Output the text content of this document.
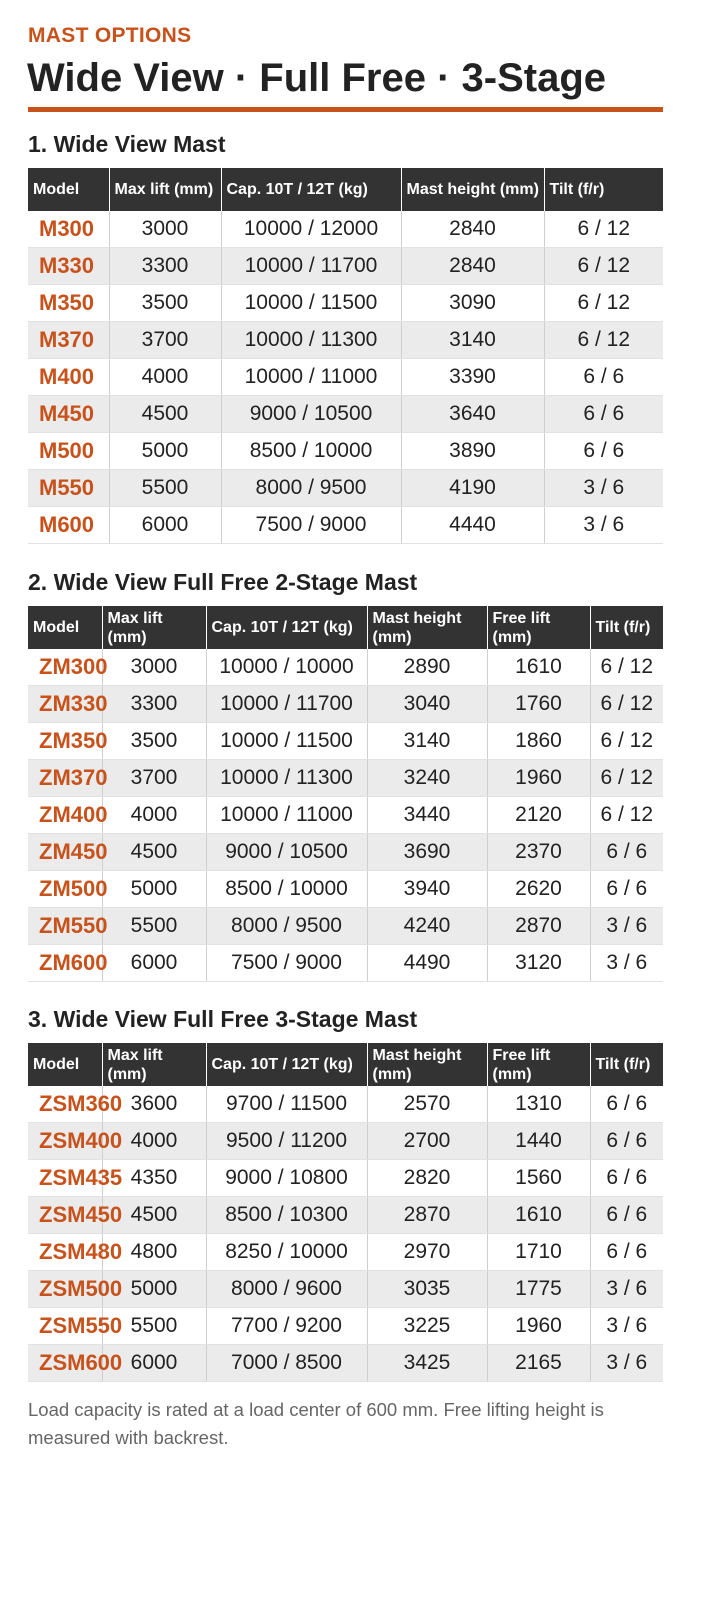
MAST OPTIONS
Wide View · Full Free · 3-Stage
1. Wide View Mast
Model	Max lift (mm)	Cap. 10T / 12T (kg)	Mast height (mm)	Tilt (f/r)
M300	3000	10000 / 12000	2840	6 / 12
M330	3300	10000 / 11700	2840	6 / 12
M350	3500	10000 / 11500	3090	6 / 12
M370	3700	10000 / 11300	3140	6 / 12
M400	4000	10000 / 11000	3390	6 / 6
M450	4500	9000 / 10500	3640	6 / 6
M500	5000	8500 / 10000	3890	6 / 6
M550	5500	8000 / 9500	4190	3 / 6
M600	6000	7500 / 9000	4440	3 / 6
2. Wide View Full Free 2-Stage Mast
Model	Max lift (mm)	Cap. 10T / 12T (kg)	Mast height (mm)	Free lift (mm)	Tilt (f/r)
ZM300	3000	10000 / 10000	2890	1610	6 / 12
ZM330	3300	10000 / 11700	3040	1760	6 / 12
ZM350	3500	10000 / 11500	3140	1860	6 / 12
ZM370	3700	10000 / 11300	3240	1960	6 / 12
ZM400	4000	10000 / 11000	3440	2120	6 / 12
ZM450	4500	9000 / 10500	3690	2370	6 / 6
ZM500	5000	8500 / 10000	3940	2620	6 / 6
ZM550	5500	8000 / 9500	4240	2870	3 / 6
ZM600	6000	7500 / 9000	4490	3120	3 / 6
3. Wide View Full Free 3-Stage Mast
Model	Max lift (mm)	Cap. 10T / 12T (kg)	Mast height (mm)	Free lift (mm)	Tilt (f/r)
ZSM360	3600	9700 / 11500	2570	1310	6 / 6
ZSM400	4000	9500 / 11200	2700	1440	6 / 6
ZSM435	4350	9000 / 10800	2820	1560	6 / 6
ZSM450	4500	8500 / 10300	2870	1610	6 / 6
ZSM480	4800	8250 / 10000	2970	1710	6 / 6
ZSM500	5000	8000 / 9600	3035	1775	3 / 6
ZSM550	5500	7700 / 9200	3225	1960	3 / 6
ZSM600	6000	7000 / 8500	3425	2165	3 / 6
Load capacity is rated at a load center of 600 mm. Free lifting height is measured with backrest.
